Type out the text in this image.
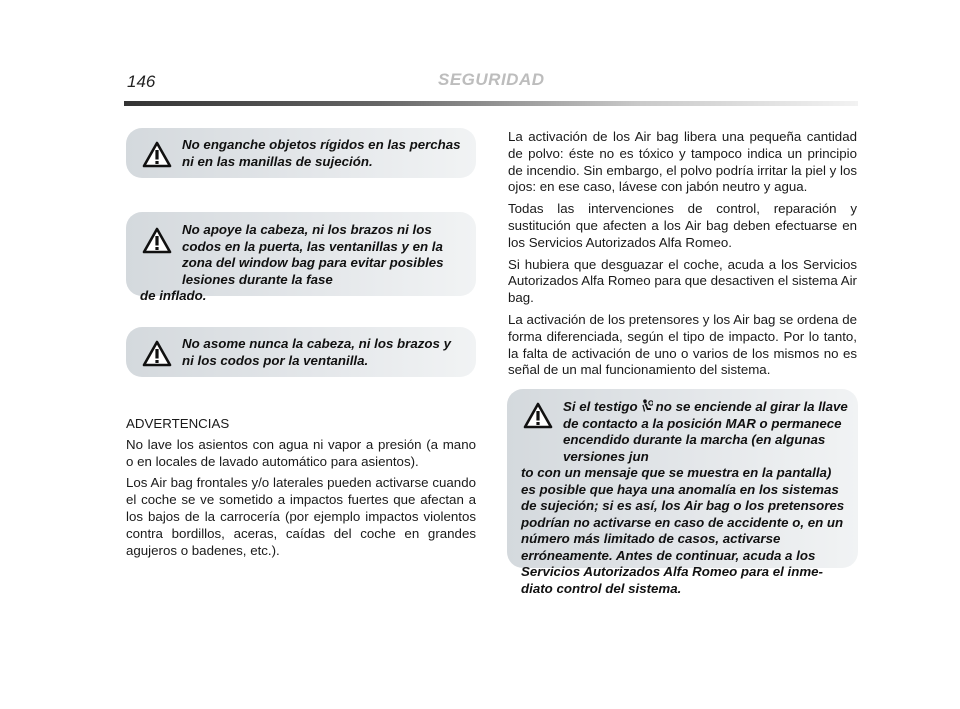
146	SEGURIDAD

No enganche objetos rígidos en las perchas ni en las manillas de sujeción.

No apoye la cabeza, ni los brazos ni los codos en la puerta, las ventanillas y en la zona del window bag para evitar posibles lesiones durante la fase
de inflado.

No asome nunca la cabeza, ni los brazos y ni los codos por la ventanilla.

ADVERTENCIAS

No lave los asientos con agua ni vapor a presión (a mano o en locales de lavado automático para asientos).

Los Air bag frontales y/o laterales pueden activarse cuando el coche se ve sometido a impactos fuertes que afectan a los bajos de la carrocería (por ejemplo impactos violentos contra bordillos, aceras, caídas del coche en grandes agujeros o badenes, etc.).

La activación de los Air bag libera una pequeña cantidad de polvo: éste no es tóxico y tampoco indica un principio de incendio. Sin embargo, el polvo podría irritar la piel y los ojos: en ese caso, lávese con jabón neutro y agua.

Todas las intervenciones de control, reparación y sustitución que afecten a los Air bag deben efectuarse en los Servicios Autorizados Alfa Romeo.

Si hubiera que desguazar el coche, acuda a los Servicios Autorizados Alfa Romeo para que desactiven el sistema Air bag.

La activación de los pretensores y los Air bag se ordena de forma diferenciada, según el tipo de impacto. Por lo tanto, la falta de activación de uno o varios de los mismos no es señal de un mal funcionamiento del sistema.

Si el testigo no se enciende al girar la llave de contacto a la posición MAR o permanece encendido durante la marcha (en algunas versiones jun
to con un mensaje que se muestra en la pantalla) es posible que haya una anomalía en los sistemas de sujeción; si es así, los Air bag o los pretensores podrían no activarse en caso de accidente o, en un número más limitado de casos, activarse erróneamente. Antes de continuar, acuda a los Servicios Autorizados Alfa Romeo para el inmediato control del sistema.
